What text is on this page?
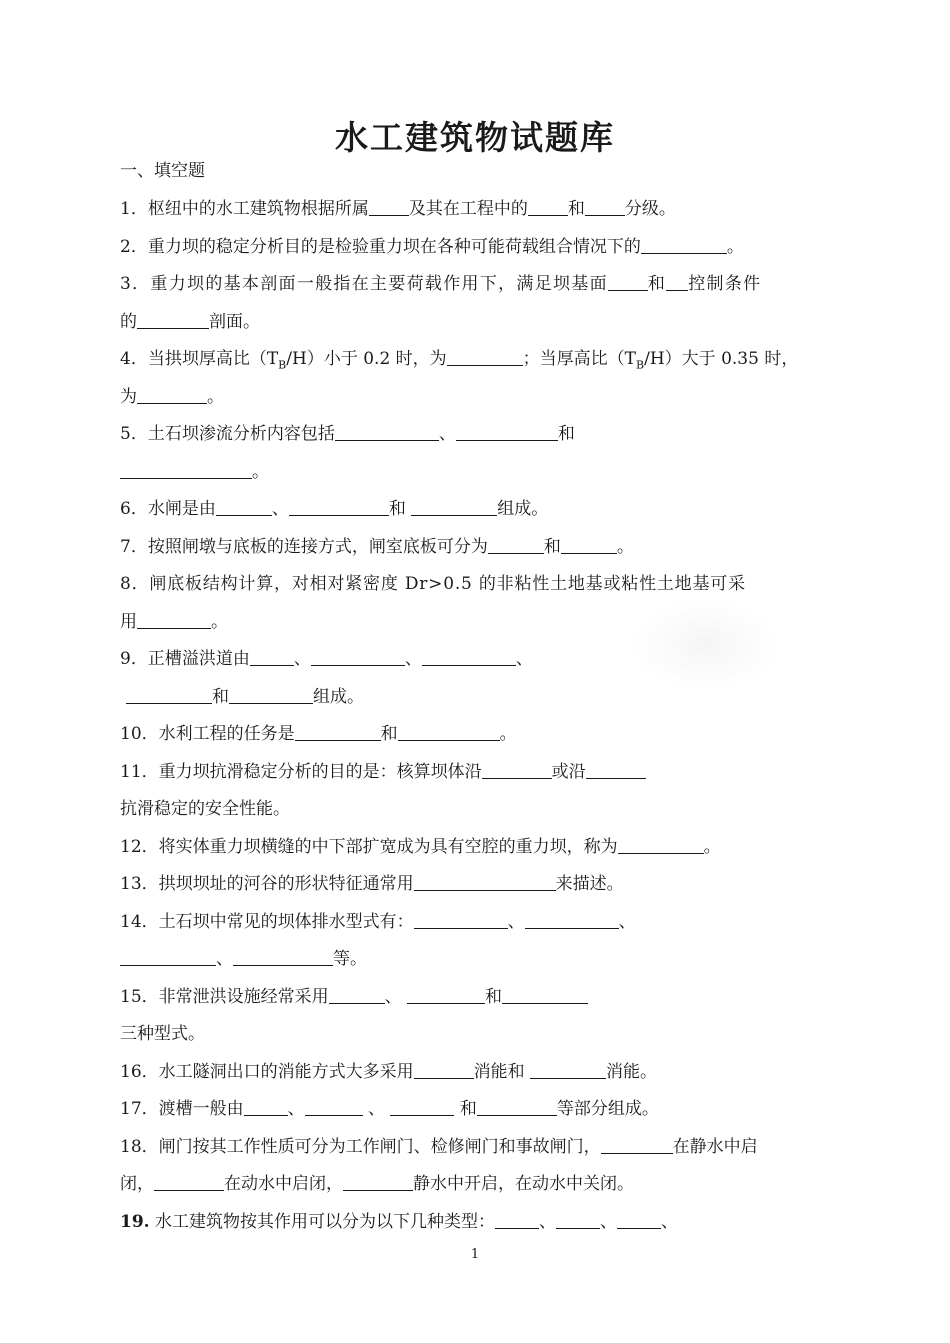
水工建筑物试题库
一、填空题
1．枢纽中的水工建筑物根据所属 及其在工程中的 和 分级。
2．重力坝的稳定分析目的是检验重力坝在各种可能荷载组合情况下的	。
3．重力坝的基本剖面一般指在主要荷载作用下，满足坝基面 和 控制条件
的	剖面。
4．当拱坝厚高比$(T_B/H)$小于 0.2 时，为	；当厚高比$(T_B/H)$大于 0.35 时，
为	。
5．土石坝渗流分析内容包括	、	和
。
6．水闸是由	、	和	组成。
7．按照闸墩与底板的连接方式，闸室底板可分为	和	。
8．闸底板结构计算，对相对紧密度 Dr>0.5 的非粘性土地基或粘性土地基可采
用	。
9．正槽溢洪道由	、	、	、
和	组成。
10．水利工程的任务是	和	。
11．重力坝抗滑稳定分析的目的是：核算坝体沿	或沿
抗滑稳定的安全性能。
12．将实体重力坝横缝的中下部扩宽成为具有空腔的重力坝，称为	。
13．拱坝坝址的河谷的形状特征通常用	来描述。
14．土石坝中常见的坝体排水型式有：	、	、
、	等。
15．非常泄洪设施经常采用	、	和
三种型式。
16．水工隧洞出口的消能方式大多采用	消能和	消能。
17．渡槽一般由	、	、	和	等部分组成。
18．闸门按其工作性质可分为工作闸门、检修闸门和事故闸门，	在静水中启
闭，	在动水中启闭，	静水中开启，在动水中关闭。
19. 水工建筑物按其作用可以分为以下几种类型：	、	、	、
1
